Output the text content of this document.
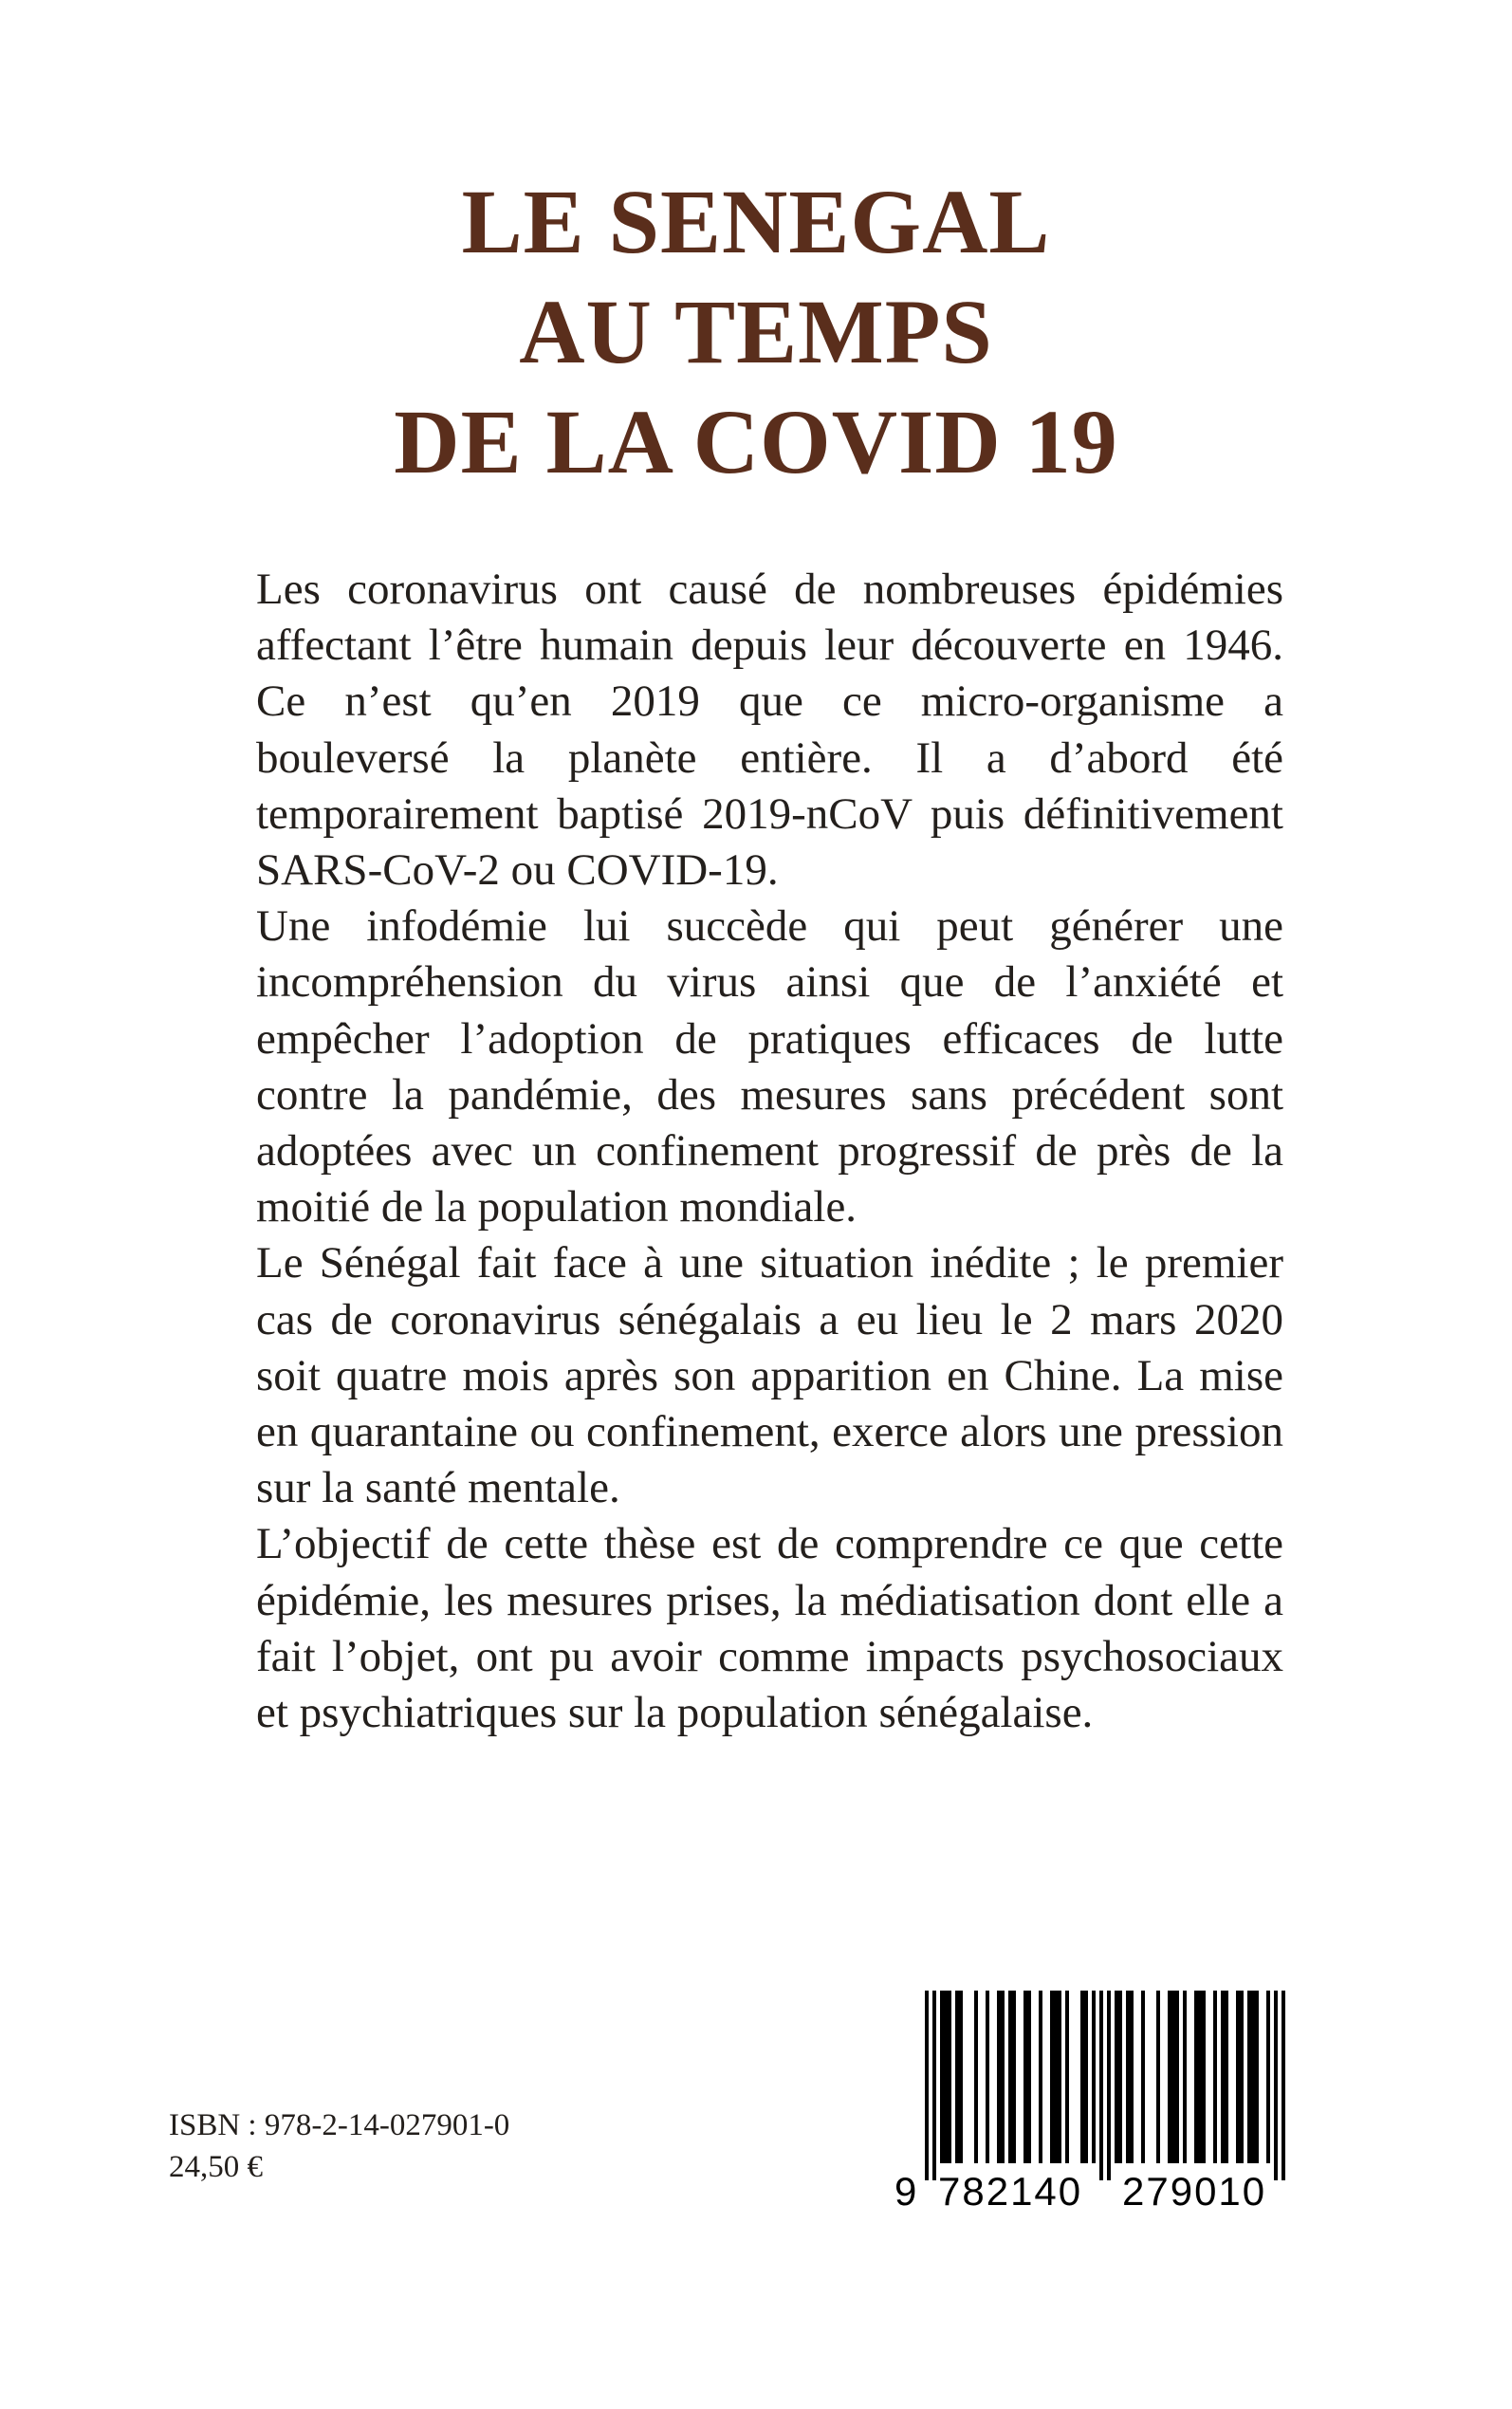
LE SENEGAL
AU TEMPS
DE LA COVID 19

Les coronavirus ont causé de nombreuses épidémies affectant l’être humain depuis leur découverte en 1946. Ce n’est qu’en 2019 que ce micro-organisme a bouleversé la planète entière. Il a d’abord été temporairement baptisé 2019-nCoV puis définitivement SARS-CoV-2 ou COVID-19.

Une infodémie lui succède qui peut générer une incompréhension du virus ainsi que de l’anxiété et empêcher l’adoption de pratiques efficaces de lutte contre la pandémie, des mesures sans précédent sont adoptées avec un confinement progressif de près de la moitié de la population mondiale.

Le Sénégal fait face à une situation inédite ; le premier cas de coronavirus sénégalais a eu lieu le 2 mars 2020 soit quatre mois après son apparition en Chine. La mise en quarantaine ou confinement, exerce alors une pression sur la santé mentale.

L’objectif de cette thèse est de comprendre ce que cette épidémie, les mesures prises, la médiatisation dont elle a fait l’objet, ont pu avoir comme impacts psychosociaux et psychiatriques sur la population sénégalaise.

ISBN : 978-2-14-027901-0
24,50 €
9 782140 279010
